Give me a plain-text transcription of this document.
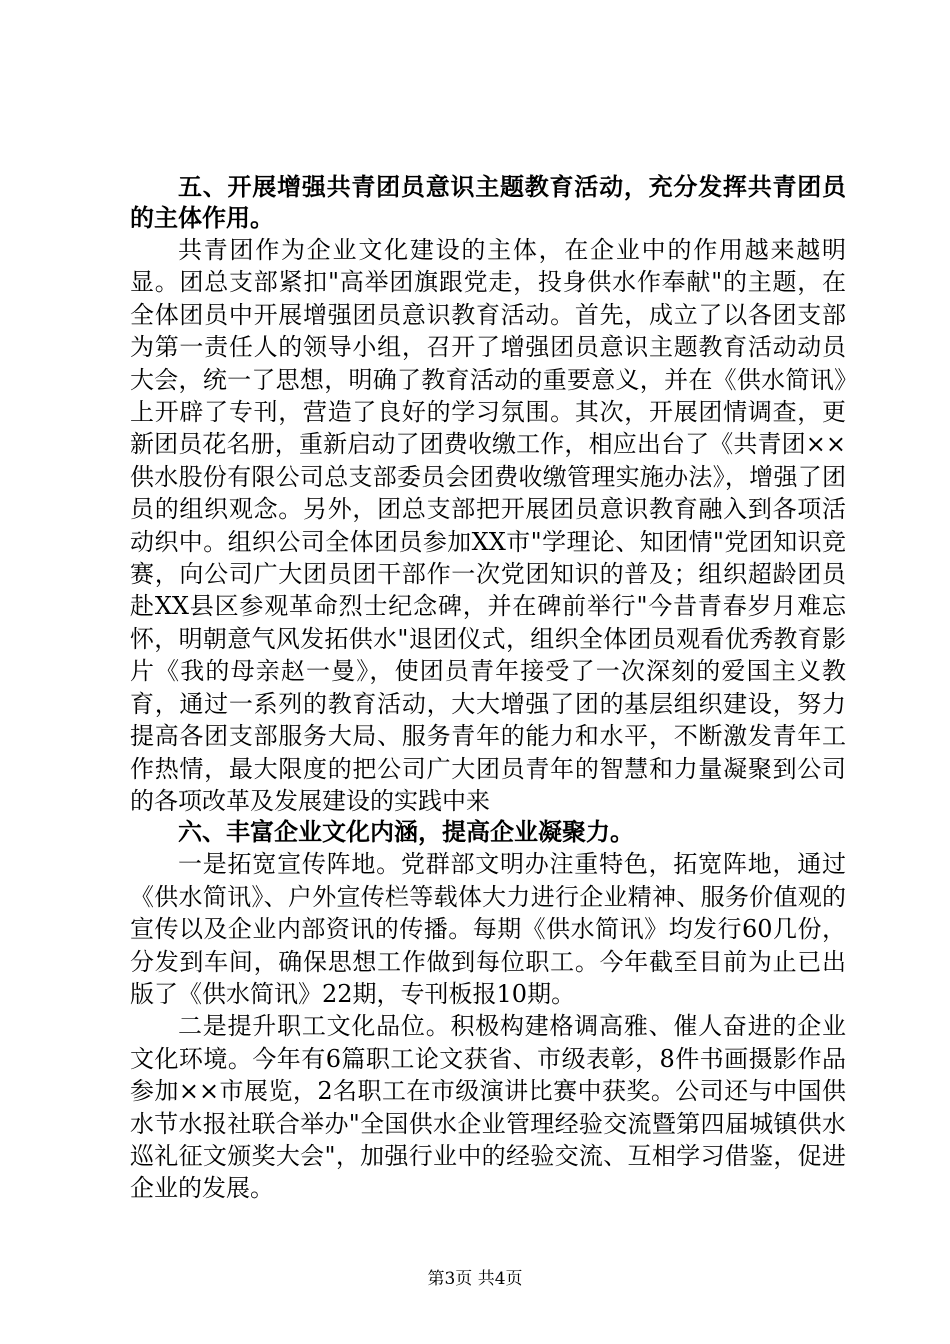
五、开展增强共青团员意识主题教育活动，充分发挥共青团员的主体作用。

共青团作为企业文化建设的主体，在企业中的作用越来越明显。团总支部紧扣"高举团旗跟党走，投身供水作奉献"的主题，在全体团员中开展增强团员意识教育活动。首先，成立了以各团支部为第一责任人的领导小组，召开了增强团员意识主题教育活动动员大会，统一了思想，明确了教育活动的重要意义，并在《供水简讯》上开辟了专刊，营造了良好的学习氛围。其次，开展团情调查，更新团员花名册，重新启动了团费收缴工作，相应出台了《共青团××供水股份有限公司总支部委员会团费收缴管理实施办法》，增强了团员的组织观念。另外，团总支部把开展团员意识教育融入到各项活动织中。组织公司全体团员参加XX市"学理论、知团情"党团知识竞赛，向公司广大团员团干部作一次党团知识的普及；组织超龄团员赴XX县区参观革命烈士纪念碑，并在碑前举行"今昔青春岁月难忘怀，明朝意气风发拓供水"退团仪式，组织全体团员观看优秀教育影片《我的母亲赵一曼》，使团员青年接受了一次深刻的爱国主义教育，通过一系列的教育活动，大大增强了团的基层组织建设，努力提高各团支部服务大局、服务青年的能力和水平，不断激发青年工作热情，最大限度的把公司广大团员青年的智慧和力量凝聚到公司的各项改革及发展建设的实践中来

六、丰富企业文化内涵，提高企业凝聚力。

一是拓宽宣传阵地。党群部文明办注重特色，拓宽阵地，通过《供水简讯》、户外宣传栏等载体大力进行企业精神、服务价值观的宣传以及企业内部资讯的传播。每期《供水简讯》均发行60几份，分发到车间，确保思想工作做到每位职工。今年截至目前为止已出版了《供水简讯》22期，专刊板报10期。

二是提升职工文化品位。积极构建格调高雅、催人奋进的企业文化环境。今年有6篇职工论文获省、市级表彰，8件书画摄影作品参加××市展览，2名职工在市级演讲比赛中获奖。公司还与中国供水节水报社联合举办"全国供水企业管理经验交流暨第四届城镇供水巡礼征文颁奖大会"，加强行业中的经验交流、互相学习借鉴，促进企业的发展。

第3页 共4页
